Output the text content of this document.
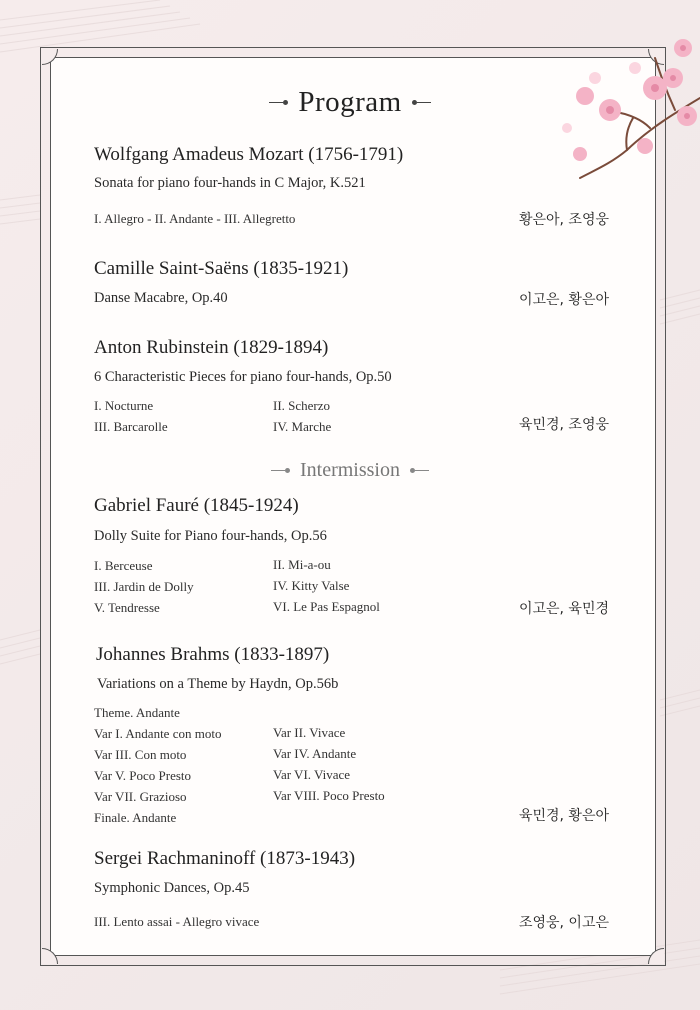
Program
Wolfgang Amadeus Mozart (1756-1791)
Sonata for piano four-hands in C Major, K.521
I. Allegro - II. Andante - III. Allegretto	황은아, 조영웅
Camille Saint-Saëns (1835-1921)
Danse Macabre, Op.40	이고은, 황은아
Anton Rubinstein (1829-1894)
6 Characteristic Pieces for piano four-hands, Op.50
I. Nocturne	II. Scherzo
III. Barcarolle	IV. Marche	육민경, 조영웅
Intermission
Gabriel Fauré (1845-1924)
Dolly Suite for Piano four-hands, Op.56
I. Berceuse	II. Mi-a-ou
III. Jardin de Dolly	IV. Kitty Valse
V. Tendresse	VI. Le Pas Espagnol	이고은, 육민경
Johannes Brahms (1833-1897)
Variations on a Theme by Haydn, Op.56b
Theme. Andante
Var I. Andante con moto	Var II. Vivace
Var III. Con moto	Var IV. Andante
Var V. Poco Presto	Var VI. Vivace
Var VII. Grazioso	Var VIII. Poco Presto
Finale. Andante	육민경, 황은아
Sergei Rachmaninoff (1873-1943)
Symphonic Dances, Op.45
III. Lento assai - Allegro vivace	조영웅, 이고은
